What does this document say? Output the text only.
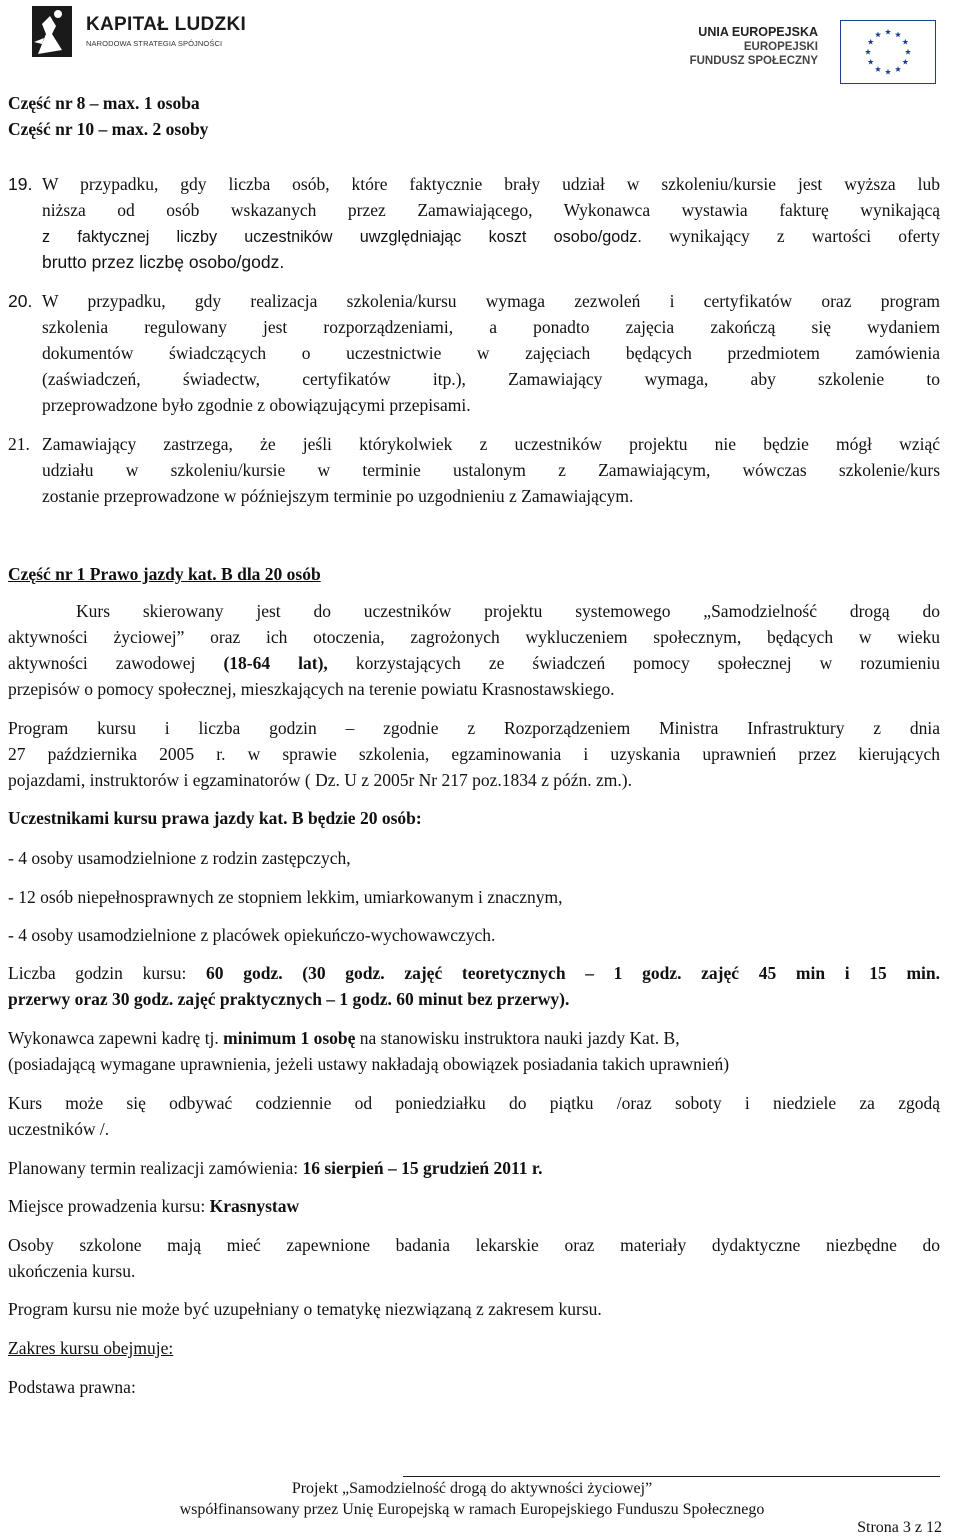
KAPITAŁ LUDZKI
NARODOWA STRATEGIA SPÓJNOŚCI
UNIA EUROPEJSKA
EUROPEJSKI
FUNDUSZ SPOŁECZNY
Część nr 8 – max. 1 osoba
Część nr 10 – max. 2 osoby
19. W przypadku, gdy liczba osób, które faktycznie brały udział w szkoleniu/kursie jest wyższa lub
niższa od osób wskazanych przez Zamawiającego, Wykonawca wystawia fakturę wynikającą
z faktycznej liczby uczestników uwzględniając koszt osobo/godz. wynikający z wartości oferty
brutto przez liczbę osobo/godz.
20. W przypadku, gdy realizacja szkolenia/kursu wymaga zezwoleń i certyfikatów oraz program
szkolenia regulowany jest rozporządzeniami, a ponadto zajęcia zakończą się wydaniem
dokumentów świadczących o uczestnictwie w zajęciach będących przedmiotem zamówienia
(zaświadczeń, świadectw, certyfikatów itp.), Zamawiający wymaga, aby szkolenie to
przeprowadzone było zgodnie z obowiązującymi przepisami.
21. Zamawiający zastrzega, że jeśli którykolwiek z uczestników projektu nie będzie mógł wziąć
udziału w szkoleniu/kursie w terminie ustalonym z Zamawiającym, wówczas szkolenie/kurs
zostanie przeprowadzone w późniejszym terminie po uzgodnieniu z Zamawiającym.
Część nr 1 Prawo jazdy kat. B dla 20 osób
Kurs skierowany jest do uczestników projektu systemowego „Samodzielność drogą do
aktywności życiowej” oraz ich otoczenia, zagrożonych wykluczeniem społecznym, będących w wieku
aktywności zawodowej (18-64 lat), korzystających ze świadczeń pomocy społecznej w rozumieniu
przepisów o pomocy społecznej, mieszkających na terenie powiatu Krasnostawskiego.
Program kursu i liczba godzin – zgodnie z Rozporządzeniem Ministra Infrastruktury z dnia
27 października 2005 r. w sprawie szkolenia, egzaminowania i uzyskania uprawnień przez kierujących
pojazdami, instruktorów i egzaminatorów ( Dz. U z 2005r Nr 217 poz.1834 z późn. zm.).
Uczestnikami kursu prawa jazdy kat. B będzie 20 osób:
- 4 osoby usamodzielnione z rodzin zastępczych,
- 12 osób niepełnosprawnych ze stopniem lekkim, umiarkowanym i znacznym,
- 4 osoby usamodzielnione z placówek opiekuńczo-wychowawczych.
Liczba godzin kursu: 60 godz. (30 godz. zajęć teoretycznych – 1 godz. zajęć 45 min i 15 min.
przerwy oraz 30 godz. zajęć praktycznych – 1 godz. 60 minut bez przerwy).
Wykonawca zapewni kadrę tj. minimum 1 osobę na stanowisku instruktora nauki jazdy Kat. B,
(posiadającą wymagane uprawnienia, jeżeli ustawy nakładają obowiązek posiadania takich uprawnień)
Kurs może się odbywać codziennie od poniedziałku do piątku /oraz soboty i niedziele za zgodą
uczestników /.
Planowany termin realizacji zamówienia: 16 sierpień – 15 grudzień 2011 r.
Miejsce prowadzenia kursu: Krasnystaw
Osoby szkolone mają mieć zapewnione badania lekarskie oraz materiały dydaktyczne niezbędne do
ukończenia kursu.
Program kursu nie może być uzupełniany o tematykę niezwiązaną z zakresem kursu.
Zakres kursu obejmuje:
Podstawa prawna:
Projekt „Samodzielność drogą do aktywności życiowej”
współfinansowany przez Unię Europejską w ramach Europejskiego Funduszu Społecznego
Strona 3 z 12
